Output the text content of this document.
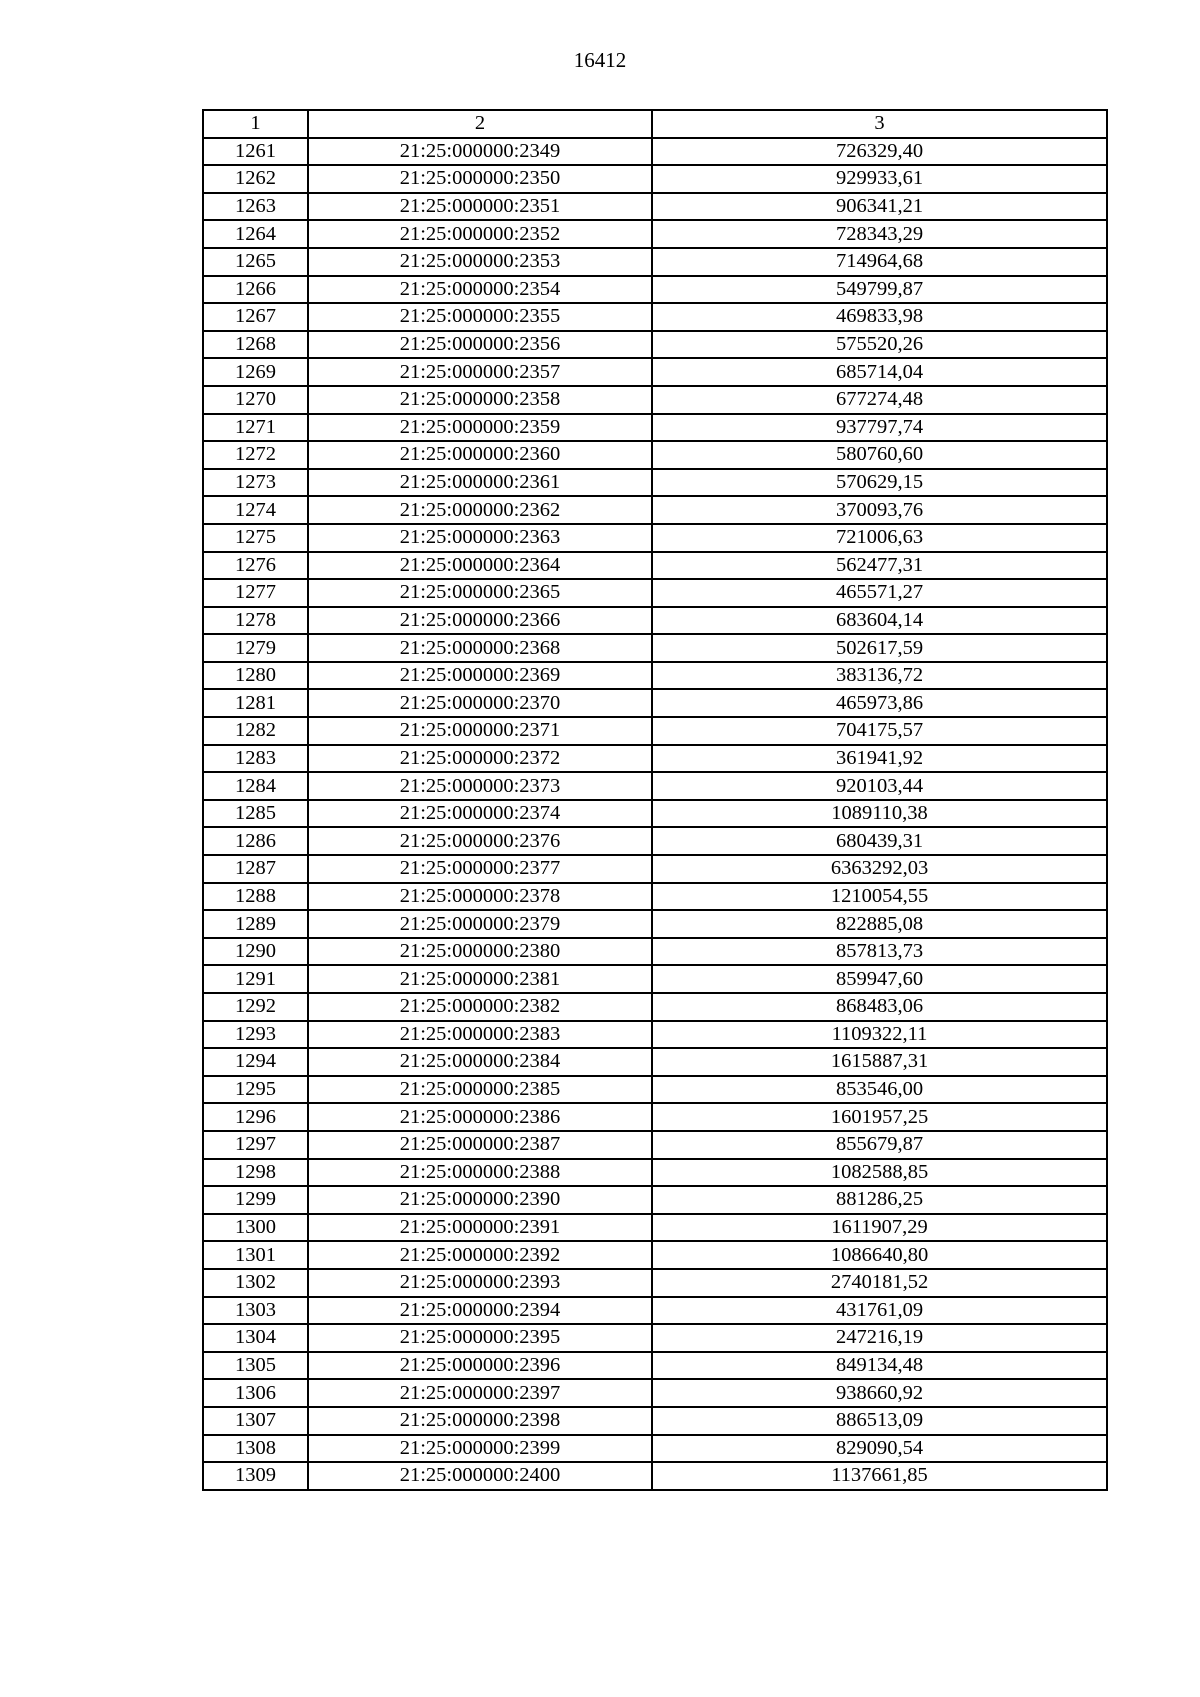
16412
1	2	3
1261	21:25:000000:2349	726329,40
1262	21:25:000000:2350	929933,61
1263	21:25:000000:2351	906341,21
1264	21:25:000000:2352	728343,29
1265	21:25:000000:2353	714964,68
1266	21:25:000000:2354	549799,87
1267	21:25:000000:2355	469833,98
1268	21:25:000000:2356	575520,26
1269	21:25:000000:2357	685714,04
1270	21:25:000000:2358	677274,48
1271	21:25:000000:2359	937797,74
1272	21:25:000000:2360	580760,60
1273	21:25:000000:2361	570629,15
1274	21:25:000000:2362	370093,76
1275	21:25:000000:2363	721006,63
1276	21:25:000000:2364	562477,31
1277	21:25:000000:2365	465571,27
1278	21:25:000000:2366	683604,14
1279	21:25:000000:2368	502617,59
1280	21:25:000000:2369	383136,72
1281	21:25:000000:2370	465973,86
1282	21:25:000000:2371	704175,57
1283	21:25:000000:2372	361941,92
1284	21:25:000000:2373	920103,44
1285	21:25:000000:2374	1089110,38
1286	21:25:000000:2376	680439,31
1287	21:25:000000:2377	6363292,03
1288	21:25:000000:2378	1210054,55
1289	21:25:000000:2379	822885,08
1290	21:25:000000:2380	857813,73
1291	21:25:000000:2381	859947,60
1292	21:25:000000:2382	868483,06
1293	21:25:000000:2383	1109322,11
1294	21:25:000000:2384	1615887,31
1295	21:25:000000:2385	853546,00
1296	21:25:000000:2386	1601957,25
1297	21:25:000000:2387	855679,87
1298	21:25:000000:2388	1082588,85
1299	21:25:000000:2390	881286,25
1300	21:25:000000:2391	1611907,29
1301	21:25:000000:2392	1086640,80
1302	21:25:000000:2393	2740181,52
1303	21:25:000000:2394	431761,09
1304	21:25:000000:2395	247216,19
1305	21:25:000000:2396	849134,48
1306	21:25:000000:2397	938660,92
1307	21:25:000000:2398	886513,09
1308	21:25:000000:2399	829090,54
1309	21:25:000000:2400	1137661,85
